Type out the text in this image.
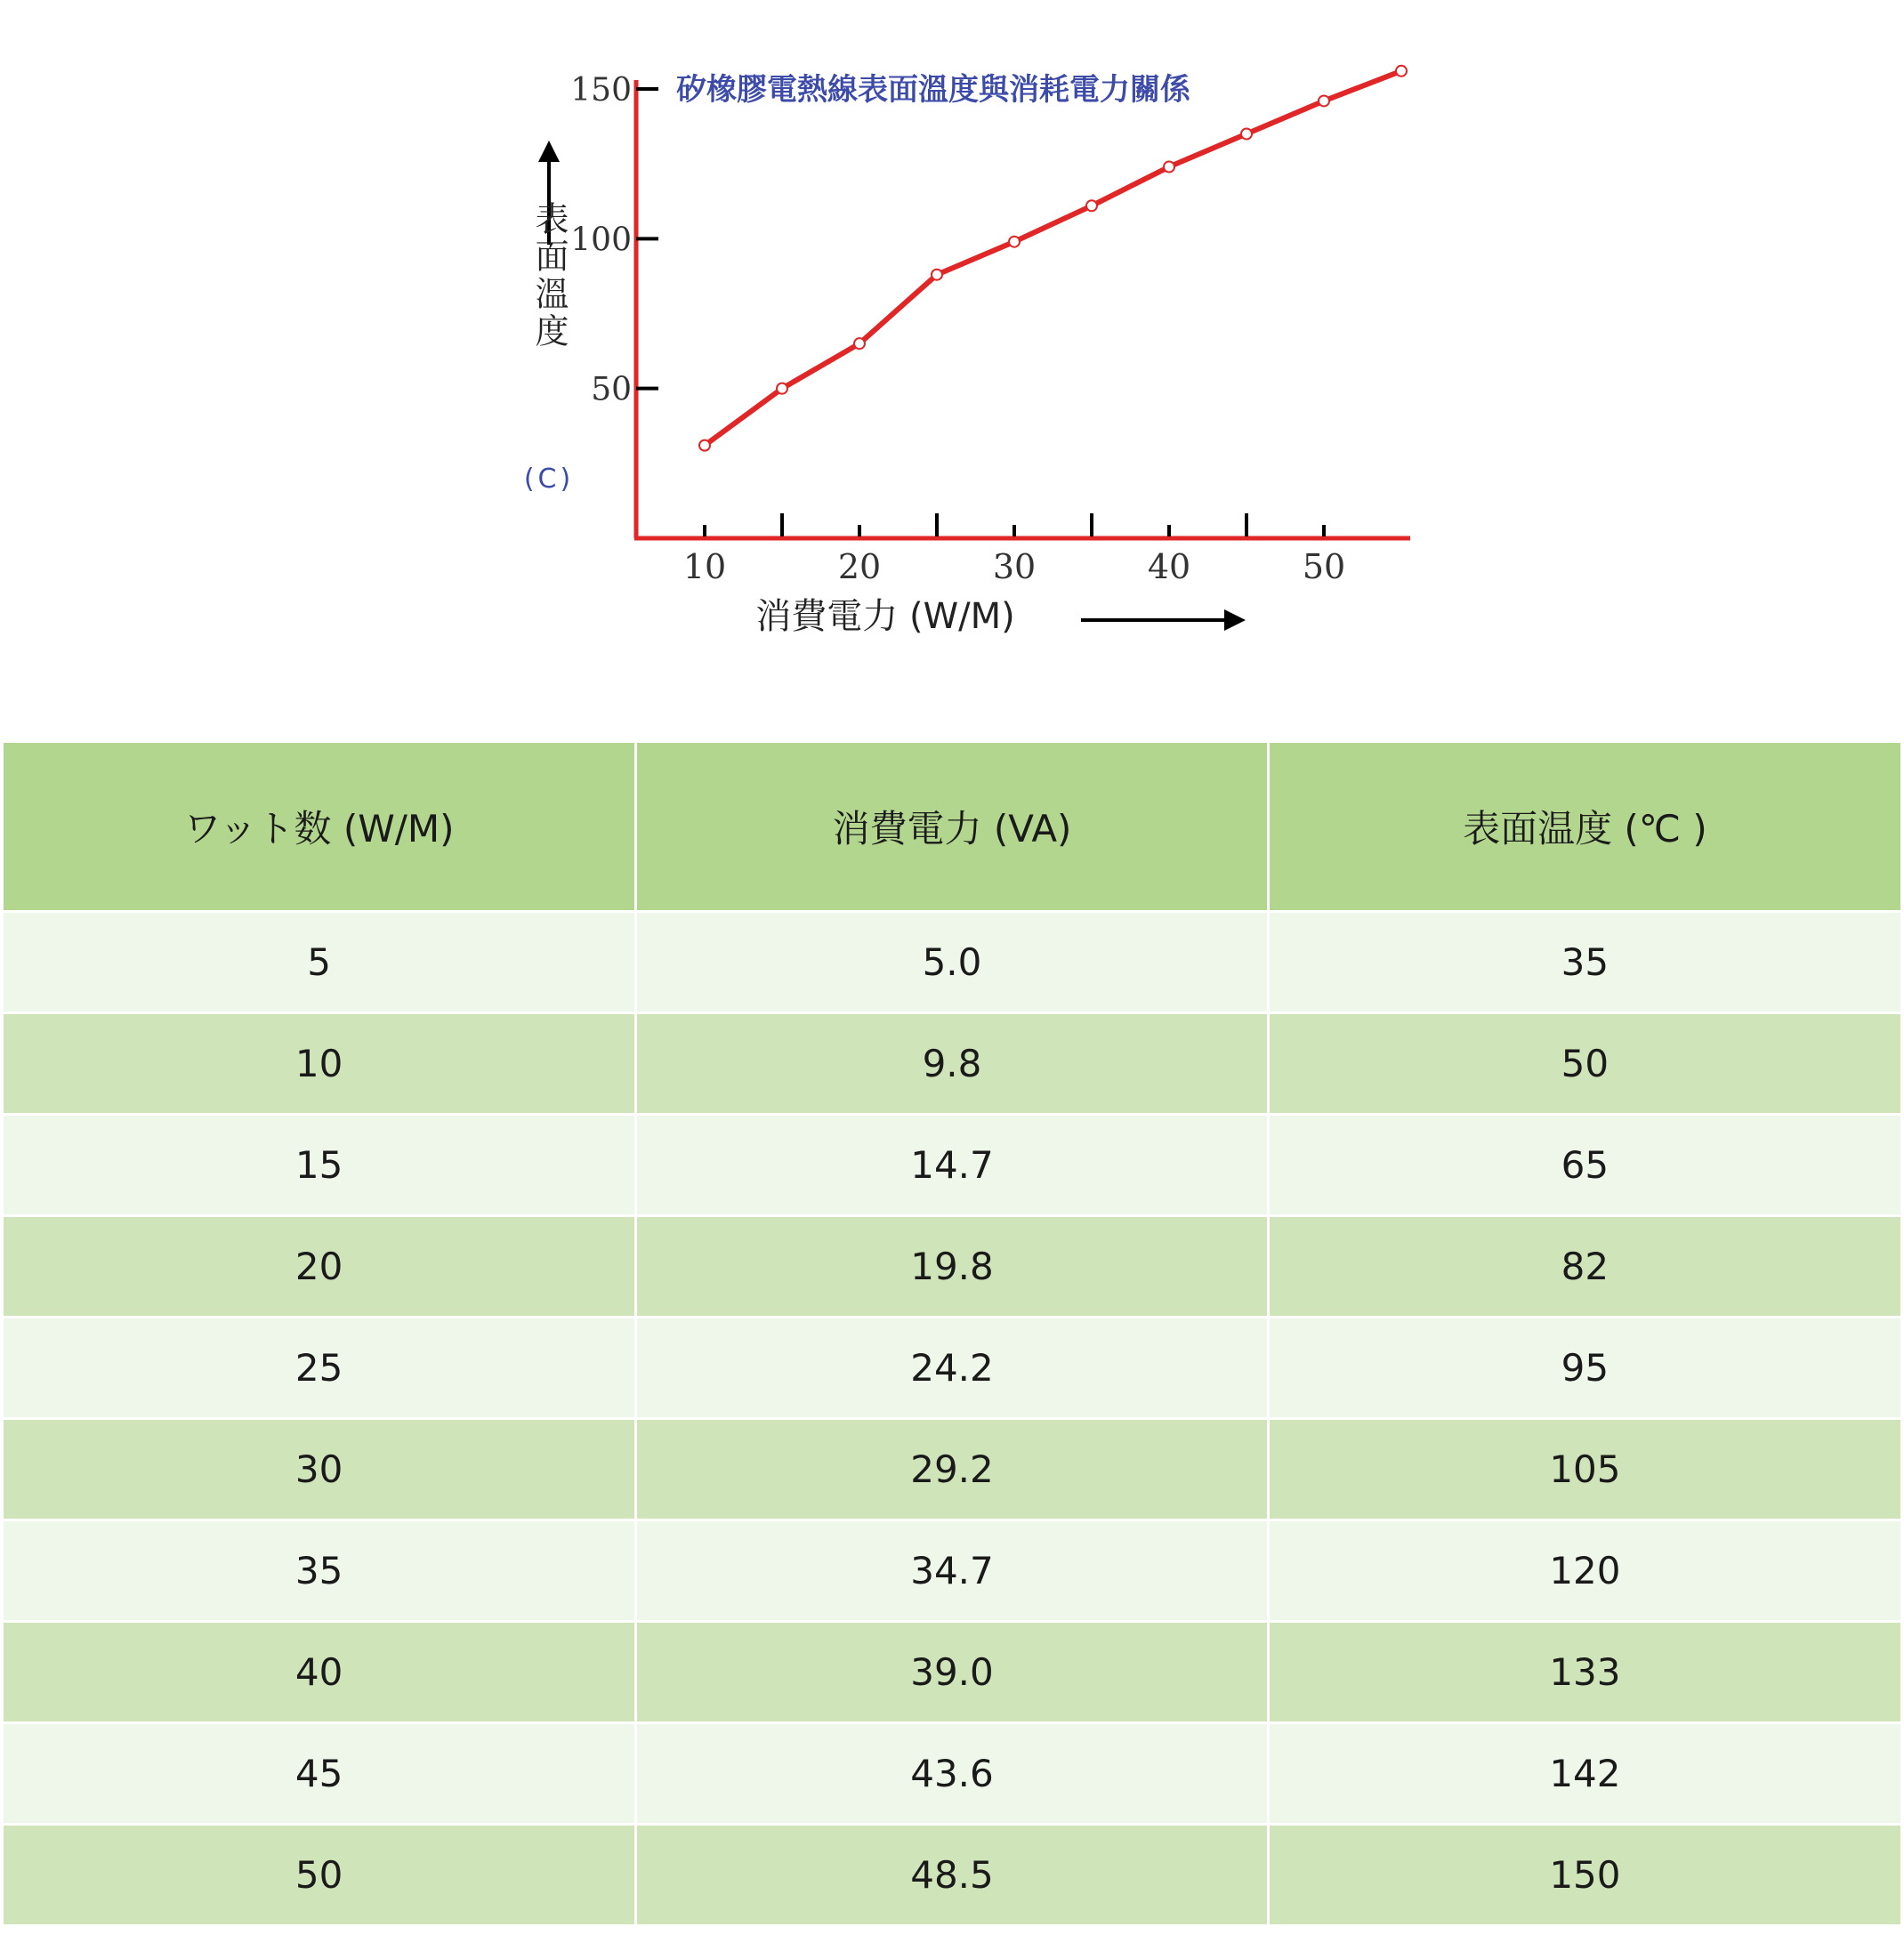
矽橡膠電熱線表面溫度與消耗電力關係
表面溫度
(C)
消費電力 (W/M)
50
100
150
10	20	30	40	50
ワット数 (W/M)	消費電力 (VA)	表面温度 (℃ )
5	5.0	35
10	9.8	50
15	14.7	65
20	19.8	82
25	24.2	95
30	29.2	105
35	34.7	120
40	39.0	133
45	43.6	142
50	48.5	150
